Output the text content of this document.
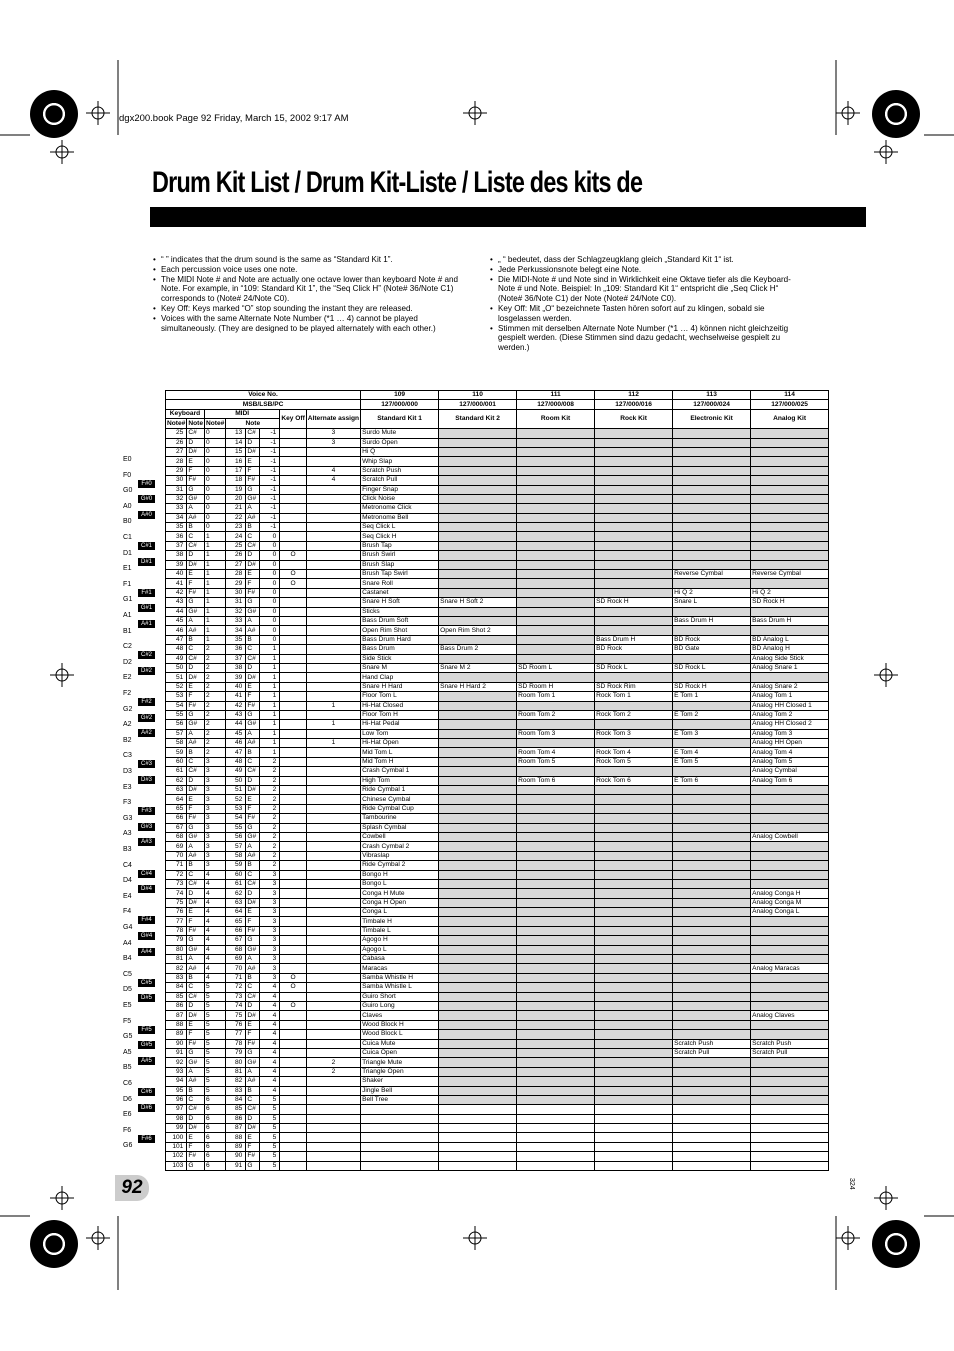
dgx200.book Page 92 Friday, March 15, 2002 9:17 AM
Drum Kit List / Drum Kit-Liste / Liste des kits de
• “ ” indicates that the drum sound is the same as “Standard Kit 1”.
• Each percussion voice uses one note.
• The MIDI Note # and Note are actually one octave lower than keyboard Note # and Note. For example, in “109: Standard Kit 1”, the “Seq Click H” (Note# 36/Note C1) corresponds to (Note# 24/Note C0).
• Key Off: Keys marked “O” stop sounding the instant they are released.
• Voices with the same Alternate Note Number (*1 … 4) cannot be played simultaneously. (They are designed to be played alternately with each other.)
• „ “ bedeutet, dass der Schlagzeugklang gleich „Standard Kit 1“ ist.
• Jede Perkussionsnote belegt eine Note.
• Die MIDI-Note # und Note sind in Wirklichkeit eine Oktave tiefer als die Keyboard-Note # und Note. Beispiel: In „109: Standard Kit 1“ entspricht die „Seq Click H“ (Note# 36/Note C1) der Note (Note# 24/Note C0).
• Key Off: Mit „O“ bezeichnete Tasten hören sofort auf zu klingen, sobald sie losgelassen werden.
• Stimmen mit derselben Alternate Note Number (*1 … 4) können nicht gleichzeitig gespielt werden. (Diese Stimmen sind dazu gedacht, wechselweise gespielt zu werden.)
E0
F0
G0
A0
B0
C1
D1
E1
F1
G1
A1
B1
C2
D2
E2
F2
G2
A2
B2
C3
D3
E3
F3
G3
A3
B3
C4
D4
E4
F4
G4
A4
B4
C5
D5
E5
F5
G5
A5
B5
C6
D6
E6
F6
G6
F#0
G#0
A#0
C#1
D#1
F#1
G#1
A#1
C#2
D#2
F#2
G#2
A#2
C#3
D#3
F#3
G#3
A#3
C#4
D#4
F#4
G#4
A#4
C#5
D#5
F#5
G#5
A#5
C#6
D#6
F#6
Voice No.								109	110	111	112	113	114
MSB/LSB/PC								127/000/000	127/000/001	127/000/008	127/000/016	127/000/024	127/000/025
Keyboard		MIDI				Key Off	Alternate assign	Standard Kit 1	Standard Kit 2	Room Kit	Rock Kit	Electronic Kit	Analog Kit
Note#	Note	Note#	Note										
25	C#	0	13	C#	-1		3	Surdo Mute					
26	D	0	14	D	-1		3	Surdo Open					
27	D#	0	15	D#	-1			Hi Q					
28	E	0	16	E	-1			Whip Slap					
29	F	0	17	F	-1		4	Scratch Push					
30	F#	0	18	F#	-1		4	Scratch Pull					
31	G	0	19	G	-1			Finger Snap					
32	G#	0	20	G#	-1			Click Noise					
33	A	0	21	A	-1			Metronome Click					
34	A#	0	22	A#	-1			Metronome Bell					
35	B	0	23	B	-1			Seq Click L					
36	C	1	24	C	0			Seq Click H					
37	C#	1	25	C#	0			Brush Tap					
38	D	1	26	D	0	O		Brush Swirl					
39	D#	1	27	D#	0			Brush Slap					
40	E	1	28	E	0	O		Brush Tap Swirl				Reverse Cymbal	Reverse Cymbal
41	F	1	29	F	0	O		Snare Roll					
42	F#	1	30	F#	0			Castanet				Hi Q 2	Hi Q 2
43	G	1	31	G	0			Snare H Soft	Snare H Soft 2		SD Rock H	Snare L	SD Rock H
44	G#	1	32	G#	0			Sticks					
45	A	1	33	A	0			Bass Drum Soft				Bass Drum H	Bass Drum H
46	A#	1	34	A#	0			Open Rim Shot	Open Rim Shot 2				
47	B	1	35	B	0			Bass Drum Hard			Bass Drum H	BD Rock	BD Analog L
48	C	2	36	C	1			Bass Drum	Bass Drum 2		BD Rock	BD Gate	BD Analog H
49	C#	2	37	C#	1			Side Stick					Analog Side Stick
50	D	2	38	D	1			Snare M	Snare M 2	SD Room L	SD Rock L	SD Rock L	Analog Snare 1
51	D#	2	39	D#	1			Hand Clap					
52	E	2	40	E	1			Snare H Hard	Snare H Hard 2	SD Room H	SD Rock Rim	SD Rock H	Analog Snare 2
53	F	2	41	F	1			Floor Tom L		Room Tom 1	Rock Tom 1	E Tom 1	Analog Tom 1
54	F#	2	42	F#	1		1	Hi-Hat Closed					Analog HH Closed 1
55	G	2	43	G	1			Floor Tom H		Room Tom 2	Rock Tom 2	E Tom 2	Analog Tom 2
56	G#	2	44	G#	1		1	Hi-Hat Pedal					Analog HH Closed 2
57	A	2	45	A	1			Low Tom		Room Tom 3	Rock Tom 3	E Tom 3	Analog Tom 3
58	A#	2	46	A#	1		1	Hi-Hat Open					Analog HH Open
59	B	2	47	B	1			Mid Tom L		Room Tom 4	Rock Tom 4	E Tom 4	Analog Tom 4
60	C	3	48	C	2			Mid Tom H		Room Tom 5	Rock Tom 5	E Tom 5	Analog Tom 5
61	C#	3	49	C#	2			Crash Cymbal 1					Analog Cymbal
62	D	3	50	D	2			High Tom		Room Tom 6	Rock Tom 6	E Tom 6	Analog Tom 6
63	D#	3	51	D#	2			Ride Cymbal 1					
64	E	3	52	E	2			Chinese Cymbal					
65	F	3	53	F	2			Ride Cymbal Cup					
66	F#	3	54	F#	2			Tambourine					
67	G	3	55	G	2			Splash Cymbal					
68	G#	3	56	G#	2			Cowbell					Analog Cowbell
69	A	3	57	A	2			Crash Cymbal 2					
70	A#	3	58	A#	2			Vibraslap					
71	B	3	59	B	2			Ride Cymbal 2					
72	C	4	60	C	3			Bongo H					
73	C#	4	61	C#	3			Bongo L					
74	D	4	62	D	3			Conga H Mute					Analog Conga H
75	D#	4	63	D#	3			Conga H Open					Analog Conga M
76	E	4	64	E	3			Conga L					Analog Conga L
77	F	4	65	F	3			Timbale H					
78	F#	4	66	F#	3			Timbale L					
79	G	4	67	G	3			Agogo H					
80	G#	4	68	G#	3			Agogo L					
81	A	4	69	A	3			Cabasa					
82	A#	4	70	A#	3			Maracas					Analog Maracas
83	B	4	71	B	3	O		Samba Whistle H					
84	C	5	72	C	4	O		Samba Whistle L					
85	C#	5	73	C#	4			Guiro Short					
86	D	5	74	D	4	O		Guiro Long					
87	D#	5	75	D#	4			Claves					Analog Claves
88	E	5	76	E	4			Wood Block H					
89	F	5	77	F	4			Wood Block L					
90	F#	5	78	F#	4			Cuica Mute				Scratch Push	Scratch Push
91	G	5	79	G	4			Cuica Open				Scratch Pull	Scratch Pull
92	G#	5	80	G#	4		2	Triangle Mute					
93	A	5	81	A	4		2	Triangle Open					
94	A#	5	82	A#	4			Shaker					
95	B	5	83	B	4			Jingle Bell					
96	C	6	84	C	5			Bell Tree					
97	C#	6	85	C#	5								
98	D	6	86	D	5								
99	D#	6	87	D#	5								
100	E	6	88	E	5								
101	F	6	89	F	5								
102	F#	6	90	F#	5								
103	G	6	91	G	5								
92	324
